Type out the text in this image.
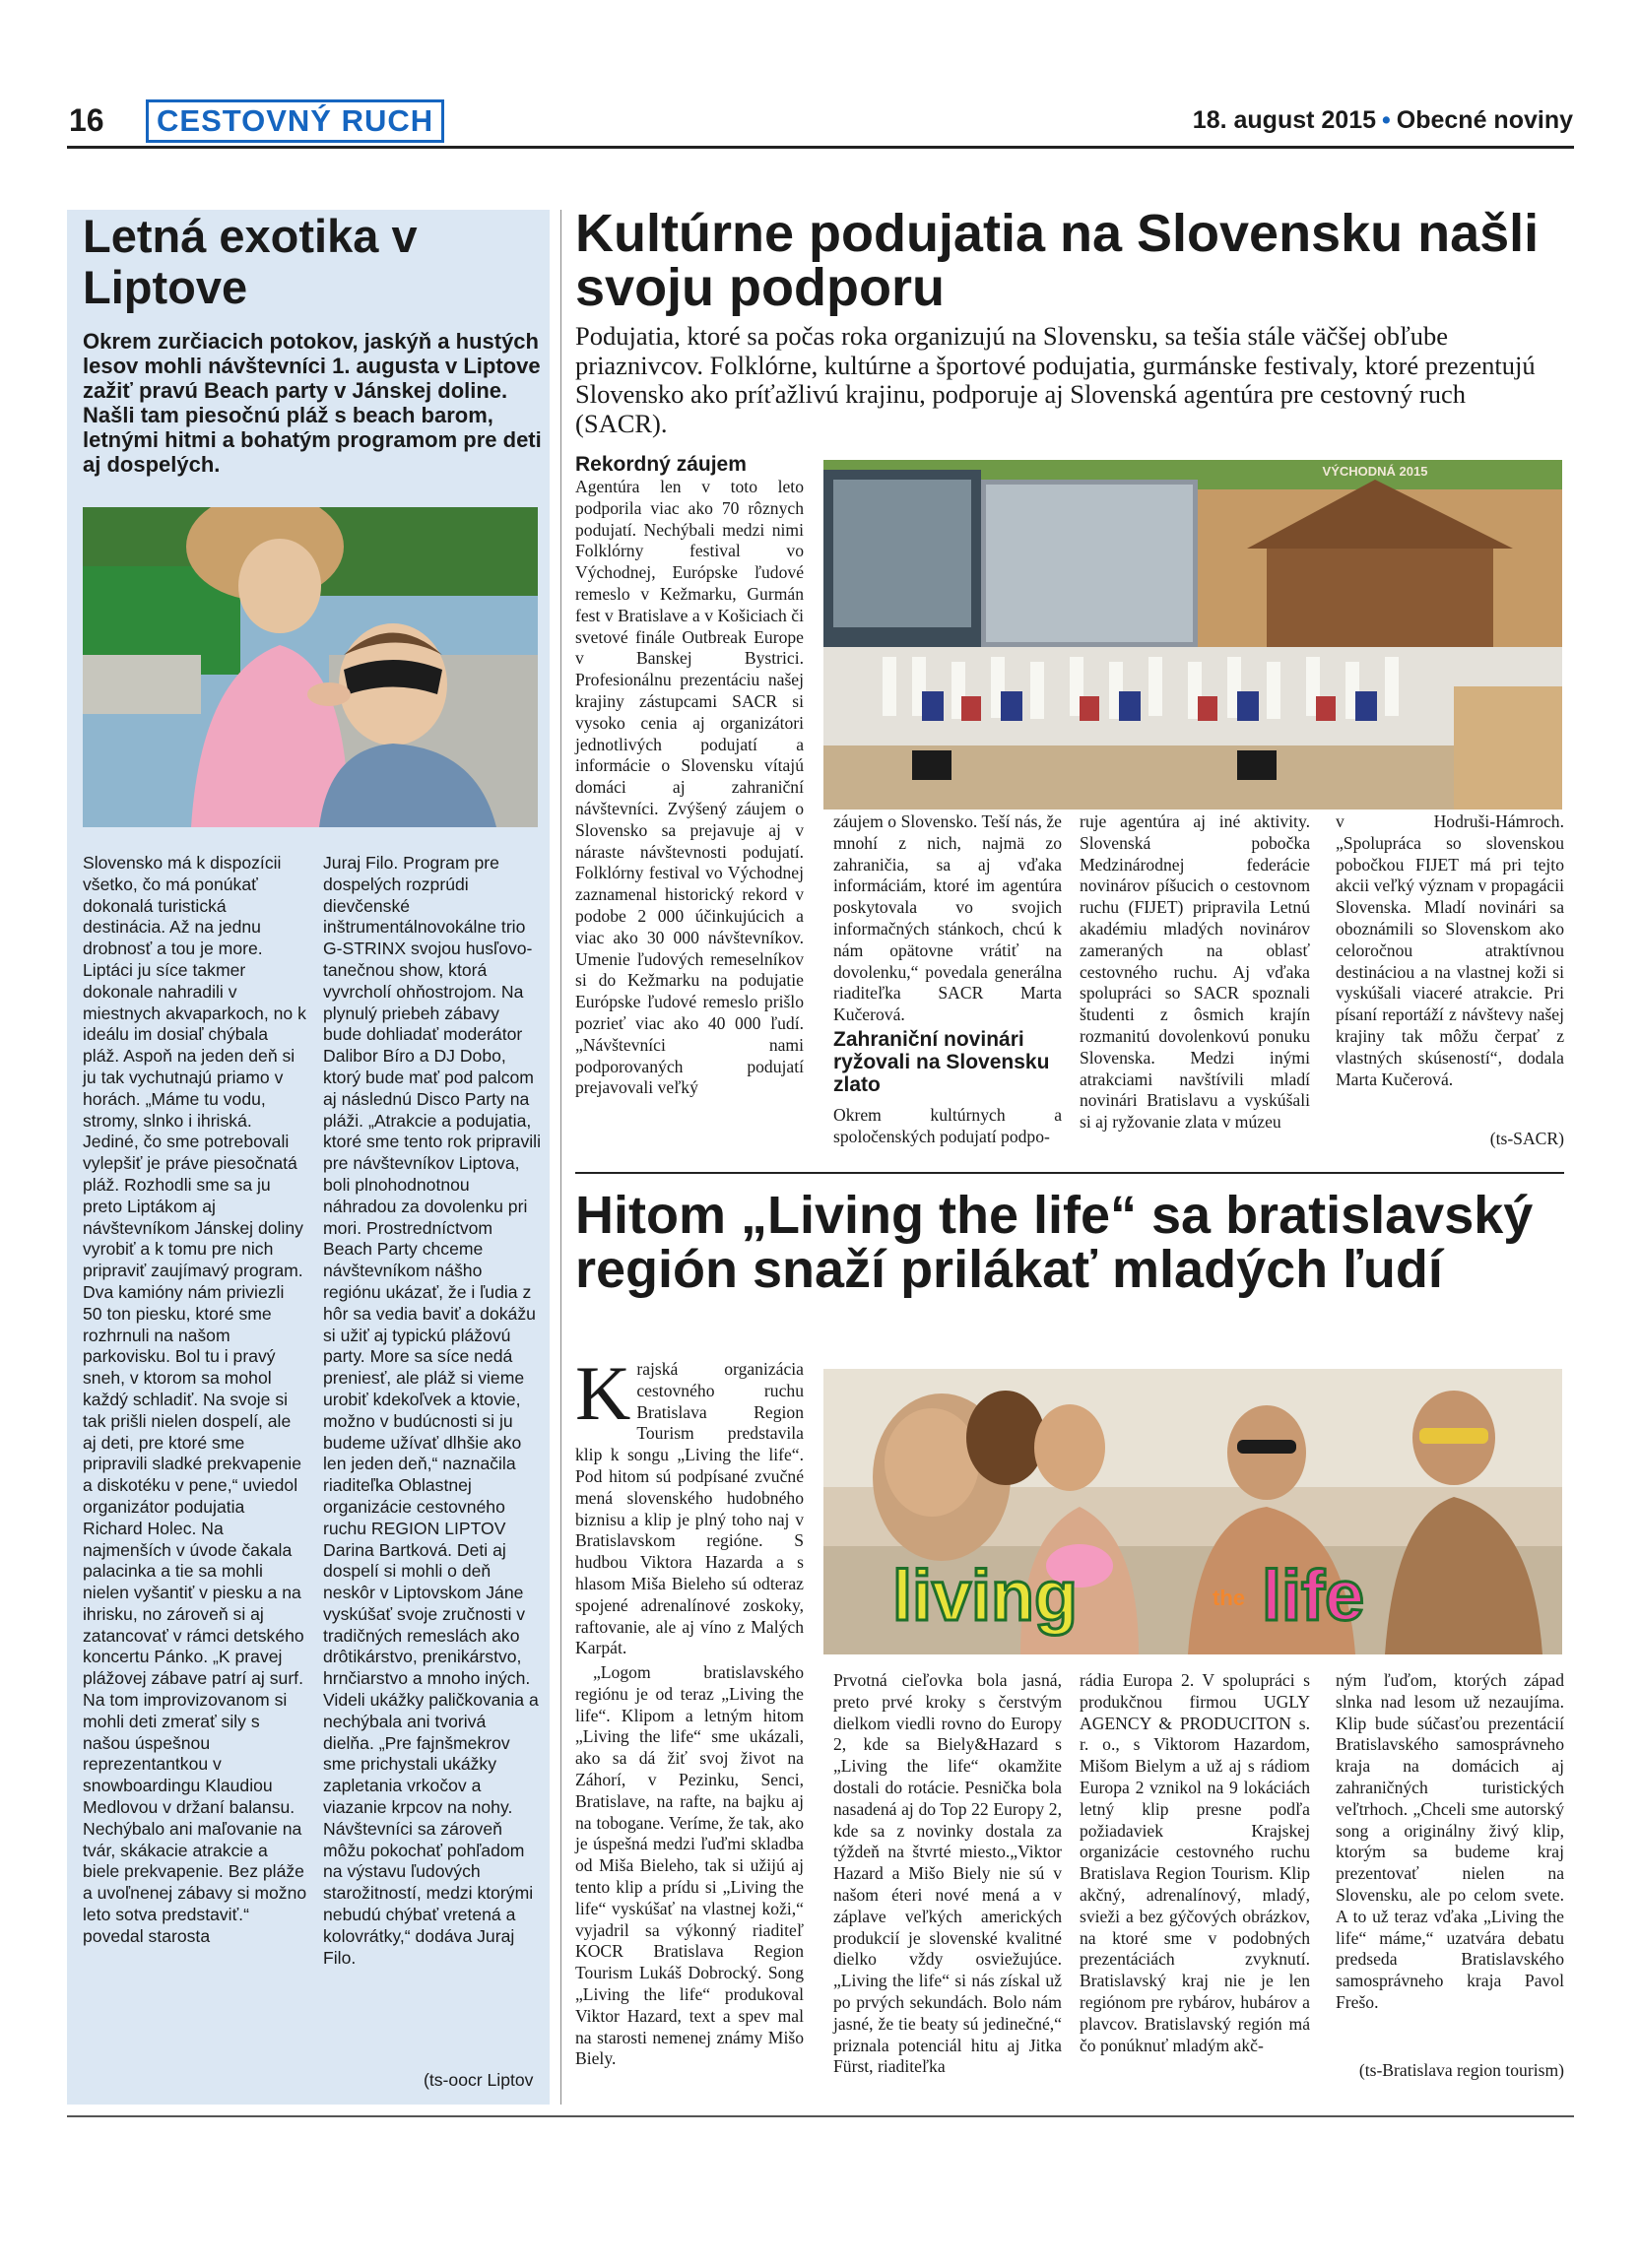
16	CESTOVNÝ RUCH	18. august 2015 • Obecné noviny
Letná exotika v Liptove
Okrem zurčiacich potokov, jaskýň a hustých lesov mohli návštevníci 1. augusta v Liptove zažiť pravú Beach party v Jánskej doline. Našli tam piesočnú pláž s beach barom, letnými hitmi a bohatým programom pre deti aj dospelých.
Slovensko má k dispozícii všetko, čo má ponúkať dokonalá turistická destinácia. Až na jednu drobnosť a tou je more. Liptáci ju síce takmer dokonale nahradili v miestnych akvaparkoch, no k ideálu im dosiaľ chýbala pláž. Aspoň na jeden deň si ju tak vychutnajú priamo v horách. „Máme tu vodu, stromy, slnko i ihriská. Jediné, čo sme potrebovali vylepšiť je práve piesočnatá pláž. Rozhodli sme sa ju preto Liptákom aj návštevníkom Jánskej doliny vyrobiť a k tomu pre nich pripraviť zaujímavý program. Dva kamióny nám priviezli 50 ton piesku, ktoré sme rozhrnuli na našom parkovisku. Bol tu i pravý sneh, v ktorom sa mohol každý schladiť. Na svoje si tak prišli nielen dospelí, ale aj deti, pre ktoré sme pripravili sladké prekvapenie a diskotéku v pene,“ uviedol organizátor podujatia Richard Holec. Na najmenších v úvode čakala palacinka a tie sa mohli nielen vyšantiť v piesku a na ihrisku, no zároveň si aj zatancovať v rámci detského koncertu Pánko. „K pravej plážovej zábave patrí aj surf. Na tom improvizovanom si mohli deti zmerať sily s našou úspešnou reprezentantkou v snowboardingu Klaudiou Medlovou v držaní balansu. Nechýbalo ani maľovanie na tvár, skákacie atrakcie a biele prekvapenie. Bez pláže a uvoľnenej zábavy si možno leto sotva predstaviť.“ povedal starosta
Juraj Filo. Program pre dospelých rozprúdi dievčenské inštrumentálnovokálne trio G-STRINX svojou husľovo-tanečnou show, ktorá vyvrcholí ohňostrojom. Na plynulý priebeh zábavy bude dohliadať moderátor Dalibor Bíro a DJ Dobo, ktorý bude mať pod palcom aj následnú Disco Party na pláži. „Atrakcie a podujatia, ktoré sme tento rok pripravili pre návštevníkov Liptova, boli plnohodnotnou náhradou za dovolenku pri mori. Prostredníctvom Beach Party chceme návštevníkom nášho regiónu ukázať, že i ľudia z hôr sa vedia baviť a dokážu si užiť aj typickú plážovú party. More sa síce nedá preniesť, ale pláž si vieme urobiť kdekoľvek a ktovie, možno v budúcnosti si ju budeme užívať dlhšie ako len jeden deň,“ naznačila riaditeľka Oblastnej organizácie cestovného ruchu REGION LIPTOV Darina Bartková. Deti aj dospelí si mohli o deň neskôr v Liptovskom Jáne vyskúšať svoje zručnosti v tradičných remeslách ako drôtikárstvo, prenikárstvo, hrnčiarstvo a mnoho iných. Videli ukážky paličkovania a nechýbala ani tvorivá dielňa. „Pre fajnšmekrov sme prichystali ukážky zapletania vrkočov a viazanie krpcov na nohy. Návštevníci sa zároveň môžu pokochať pohľadom na výstavu ľudových starožitností, medzi ktorými nebudú chýbať vretená a kolovrátky,“ dodáva Juraj Filo.
(ts-oocr Liptov
Kultúrne podujatia na Slovensku našli svoju podporu
Podujatia, ktoré sa počas roka organizujú na Slovensku, sa tešia stále väčšej obľube priaznivcov. Folklórne, kultúrne a športové podujatia, gurmánske festivaly, ktoré prezentujú Slovensko ako príťažlivú krajinu, podporuje aj Slovenská agentúra pre cestovný ruch (SACR).
Rekordný záujem
Agentúra len v toto leto podporila viac ako 70 rôznych podujatí. Nechýbali medzi nimi Folklórny festival vo Východnej, Európske ľudové remeslo v Kežmarku, Gurmán fest v Bratislave a v Košiciach či svetové finále Outbreak Europe v Banskej Bystrici. Profesionálnu prezentáciu našej krajiny zástupcami SACR si vysoko cenia aj organizátori jednotlivých podujatí a informácie o Slovensku vítajú domáci aj zahraniční návštevníci. Zvýšený záujem o Slovensko sa prejavuje aj v náraste návštevnosti podujatí. Folklórny festival vo Východnej zaznamenal historický rekord v podobe 2 000 účinkujúcich a viac ako 30 000 návštevníkov. Umenie ľudových remeselníkov si do Kežmarku na podujatie Európske ľudové remeslo prišlo pozrieť viac ako 40 000 ľudí. „Návštevníci nami podporovaných podujatí prejavovali veľký
VÝCHODNÁ 2015
záujem o Slovensko. Teší nás, že mnohí z nich, najmä zo zahraničia, sa aj vďaka informáciám, ktoré im agentúra poskytovala vo svojich informačných stánkoch, chcú k nám opätovne vrátiť na dovolenku,“ povedala generálna riaditeľka SACR Marta Kučerová.
Zahraniční novinári ryžovali na Slovensku zlato
Okrem kultúrnych a spoločenských podujatí podpo-
ruje agentúra aj iné aktivity. Slovenská pobočka Medzinárodnej federácie novinárov píšucich o cestovnom ruchu (FIJET) pripravila Letnú akadémiu mladých novinárov zameraných na oblasť cestovného ruchu. Aj vďaka spolupráci so SACR spoznali študenti z ôsmich krajín rozmanitú dovolenkovú ponuku Slovenska. Medzi inými atrakciami navštívili mladí novinári Bratislavu a vyskúšali si aj ryžovanie zlata v múzeu
v Hodruši-Hámroch. „Spolupráca so slovenskou pobočkou FIJET má pri tejto akcii veľký význam v propagácii Slovenska. Mladí novinári sa oboznámili so Slovenskom ako celoročnou atraktívnou destináciou a na vlastnej koži si vyskúšali viaceré atrakcie. Pri písaní reportáží z návštevy našej krajiny tak môžu čerpať z vlastných skúseností“, dodala Marta Kučerová.
(ts-SACR)
Hitom „Living the life“ sa bratislavský región snaží prilákať mladých ľudí
Krajská organizácia cestovného ruchu Bratislava Region Tourism predstavila klip k songu „Living the life“. Pod hitom sú podpísané zvučné mená slovenského hudobného biznisu a klip je plný toho naj v Bratislavskom regióne. S hudbou Viktora Hazarda a s hlasom Miša Bieleho sú odteraz spojené adrenalínové zoskoky, raftovanie, ale aj víno z Malých Karpát.
„Logom bratislavského regiónu je od teraz „Living the life“. Klipom a letným hitom „Living the life“ sme ukázali, ako sa dá žiť svoj život na Záhorí, v Pezinku, Senci, Bratislave, na rafte, na bajku aj na tobogane. Veríme, že tak, ako je úspešná medzi ľuďmi skladba od Miša Bieleho, tak si užijú aj tento klip a prídu si „Living the life“ vyskúšať na vlastnej koži,“ vyjadril sa výkonný riaditeľ KOCR Bratislava Region Tourism Lukáš Dobrocký. Song „Living the life“ produkoval Viktor Hazard, text a spev mal na starosti nemenej známy Mišo Biely.
living	the life
Prvotná cieľovka bola jasná, preto prvé kroky s čerstvým dielkom viedli rovno do Europy 2, kde sa Biely&Hazard s „Living the life“ okamžite dostali do rotácie. Pesnička bola nasadená aj do Top 22 Europy 2, kde sa z novinky dostala za týždeň na štvrté miesto.„Viktor Hazard a Mišo Biely nie sú v našom éteri nové mená a v záplave veľkých amerických produkcií je slovenské kvalitné dielko vždy osviežujúce. „Living the life“ si nás získal už po prvých sekundách. Bolo nám jasné, že tie beaty sú jedinečné,“ priznala potenciál hitu aj Jitka Fürst, riaditeľka
rádia Europa 2. V spolupráci s produkčnou firmou UGLY AGENCY & PRODUCITON s. r. o., s Viktorom Hazardom, Mišom Bielym a už aj s rádiom Europa 2 vznikol na 9 lokáciách letný klip presne podľa požiadaviek Krajskej organizácie cestovného ruchu Bratislava Region Tourism. Klip akčný, adrenalínový, mladý, svieži a bez gýčových obrázkov, na ktoré sme v podobných prezentáciách zvyknutí. Bratislavský kraj nie je len regiónom pre rybárov, hubárov a plavcov. Bratislavský región má čo ponúknuť mladým akč-
ným ľuďom, ktorých západ slnka nad lesom už nezaujíma. Klip bude súčasťou prezentácií Bratislavského samosprávneho kraja na domácich aj zahraničných turistických veľtrhoch. „Chceli sme autorský song a originálny živý klip, ktorým sa budeme kraj prezentovať nielen na Slovensku, ale po celom svete. A to už teraz vďaka „Living the life“ máme,“ uzatvára debatu predseda Bratislavského samosprávneho kraja Pavol Frešo.
(ts-Bratislava region tourism)
